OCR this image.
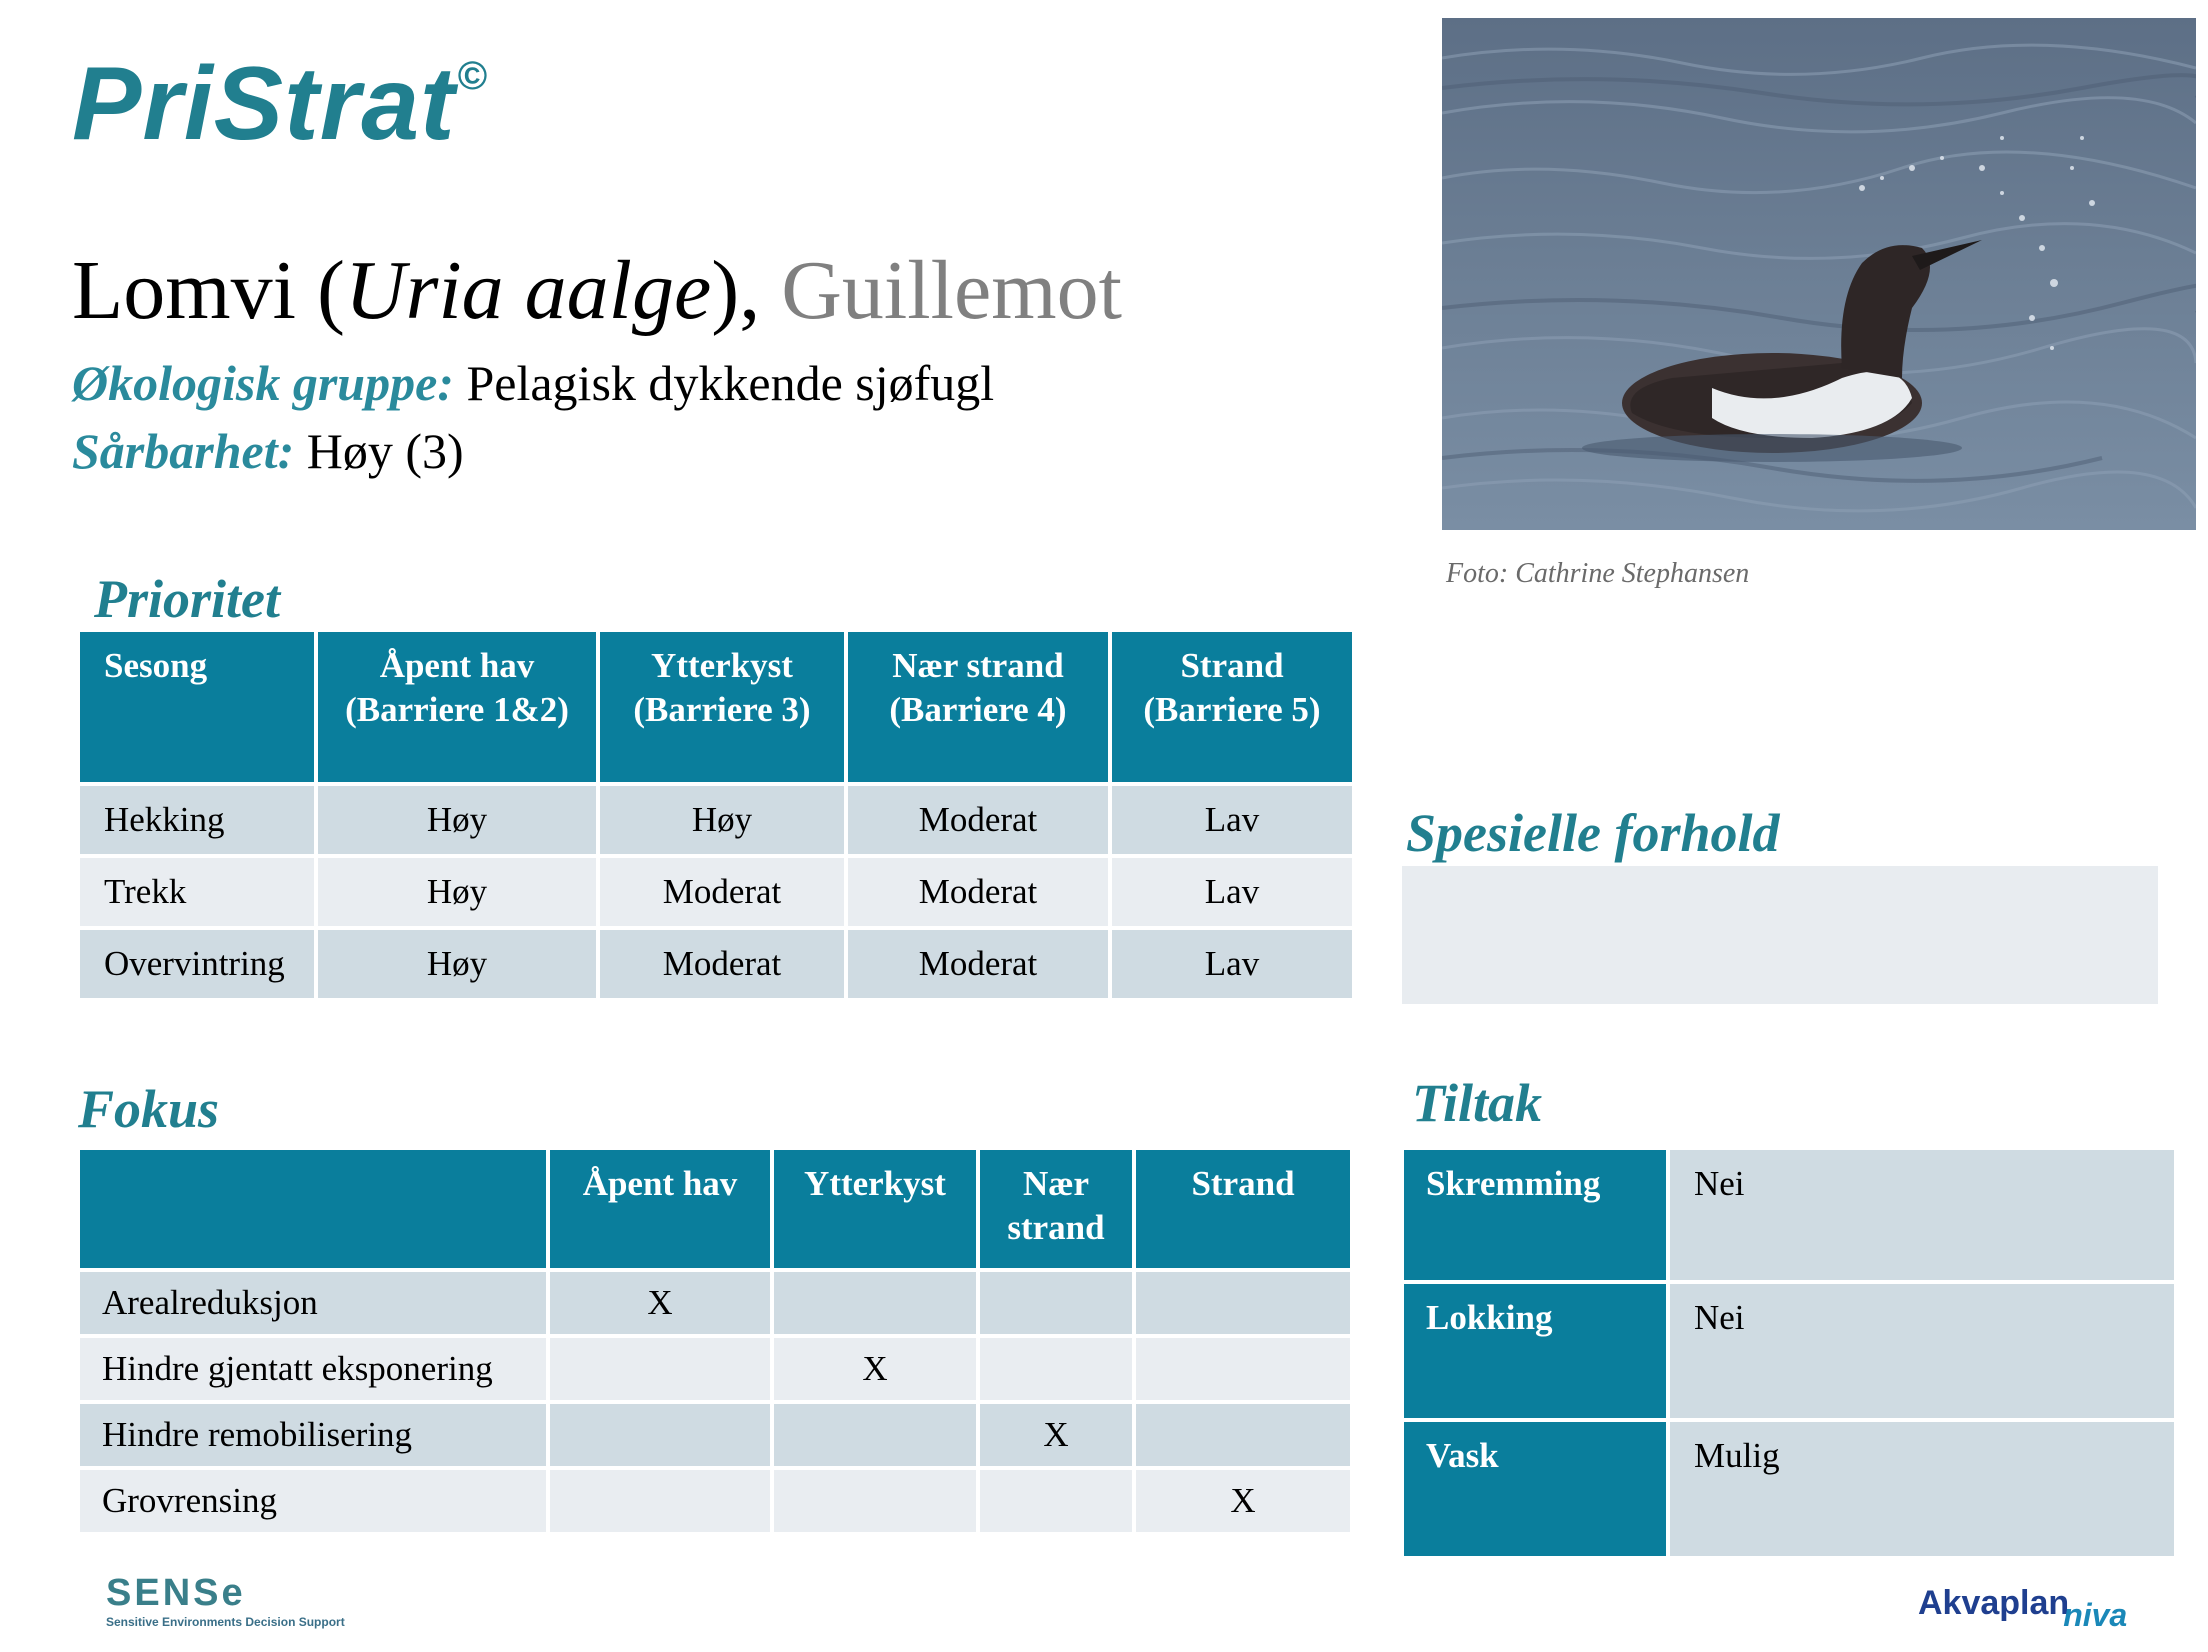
PriStrat©
Lomvi (Uria aalge), Guillemot
Økologisk gruppe: Pelagisk dykkende sjøfugl
Sårbarhet: Høy (3)
Foto: Cathrine Stephansen
Prioritet
Sesong	Åpent hav (Barriere 1&2)	Ytterkyst (Barriere 3)	Nær strand (Barriere 4)	Strand (Barriere 5)
Hekking	Høy	Høy	Moderat	Lav
Trekk	Høy	Moderat	Moderat	Lav
Overvintring	Høy	Moderat	Moderat	Lav
Spesielle forhold
Fokus
	Åpent hav	Ytterkyst	Nær strand	Strand
Arealreduksjon	X			
Hindre gjentatt eksponering		X		
Hindre remobilisering			X	
Grovrensing				X
Tiltak
Skremming	Nei
Lokking	Nei
Vask	Mulig
SENSe
Sensitive Environments Decision Support	Akvaplanniva
